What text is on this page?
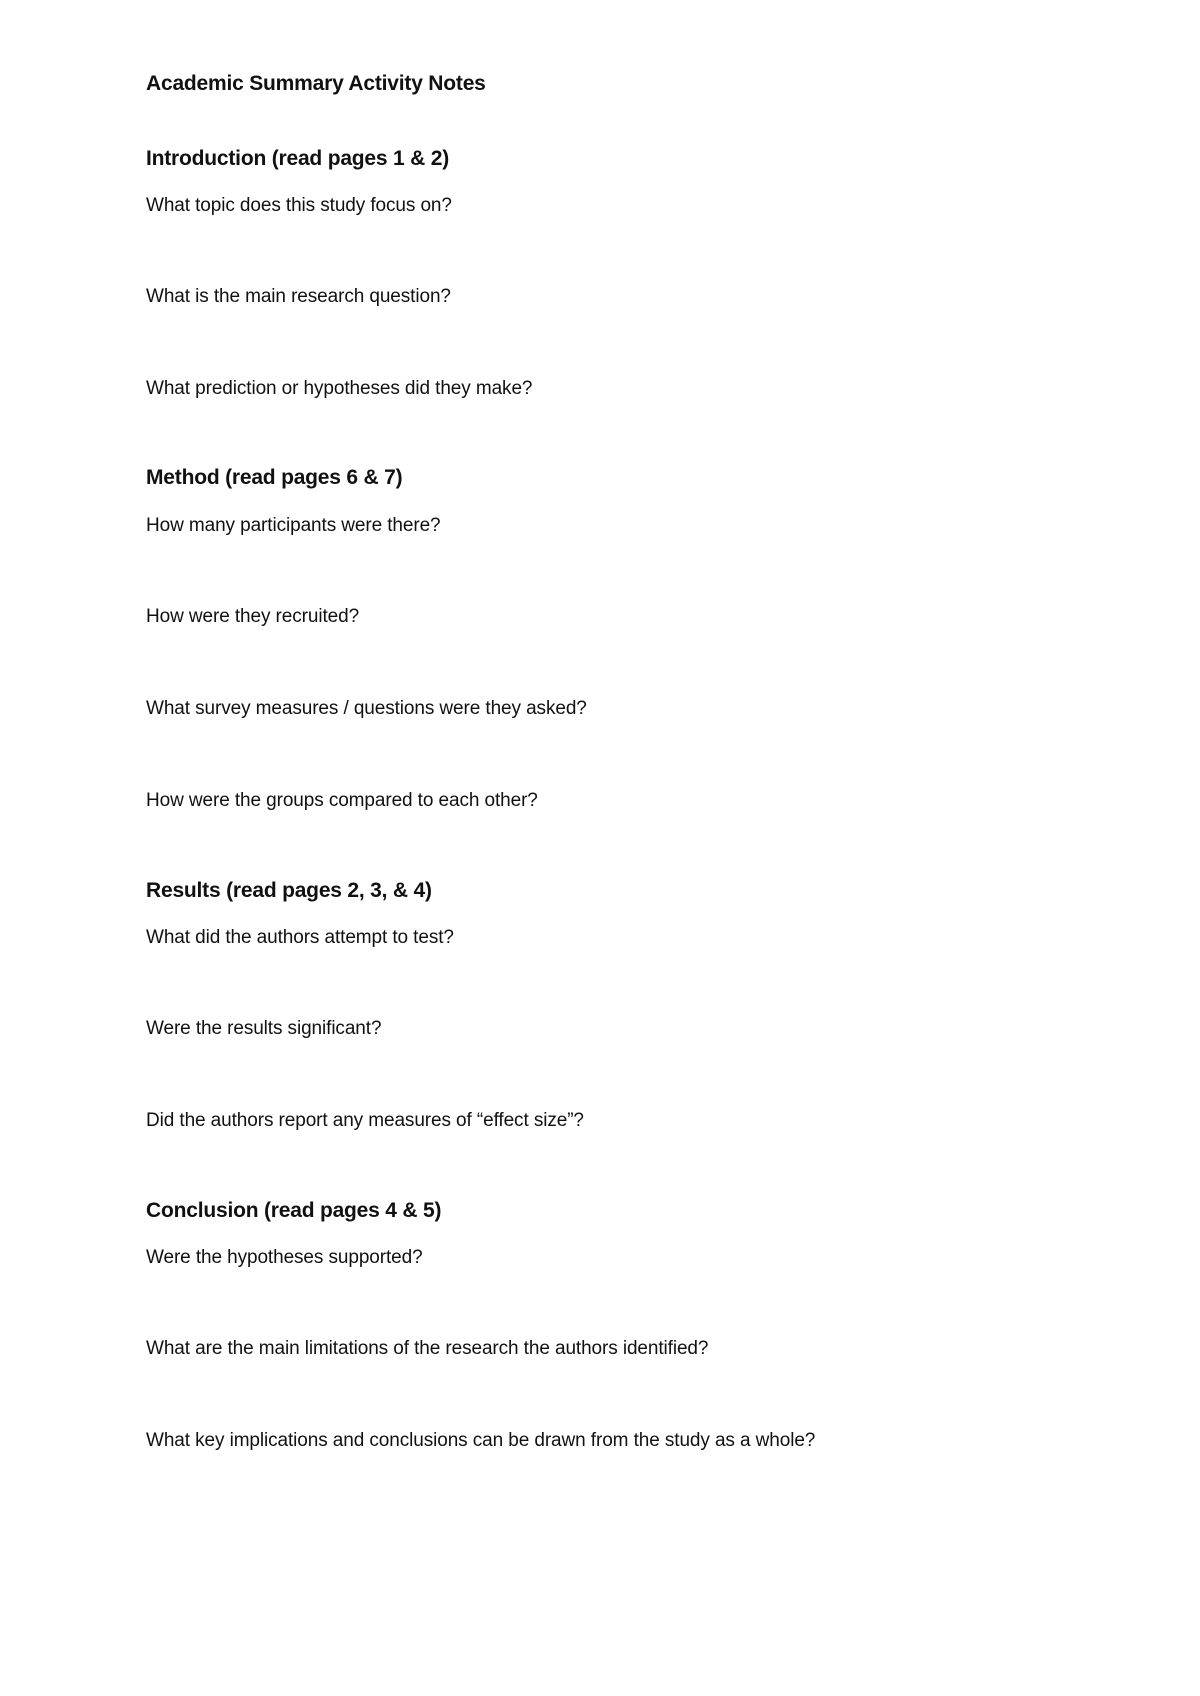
Academic Summary Activity Notes
Introduction (read pages 1 & 2)
What topic does this study focus on?
What is the main research question?
What prediction or hypotheses did they make?
Method (read pages 6 & 7)
How many participants were there?
How were they recruited?
What survey measures / questions were they asked?
How were the groups compared to each other?
Results (read pages 2, 3, & 4)
What did the authors attempt to test?
Were the results significant?
Did the authors report any measures of “effect size”?
Conclusion (read pages 4 & 5)
Were the hypotheses supported?
What are the main limitations of the research the authors identified?
What key implications and conclusions can be drawn from the study as a whole?
